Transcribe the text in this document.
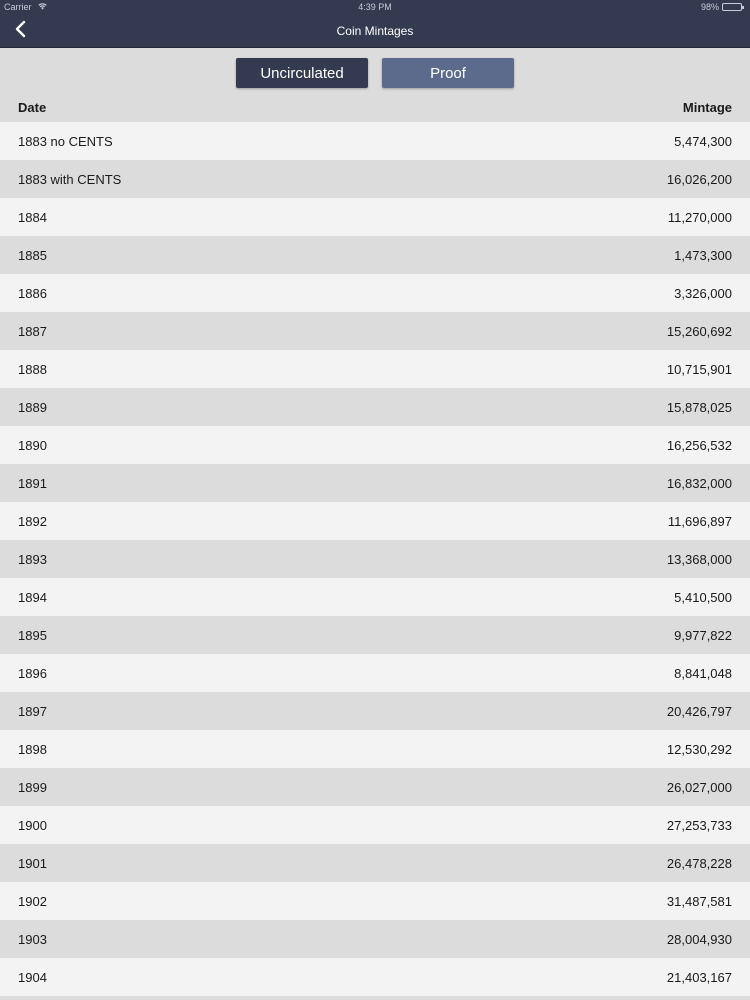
Carrier	4:39 PM	98%
Coin Mintages
Uncirculated	Proof
Date	Mintage
1883 no CENTS	5,474,300
1883 with CENTS	16,026,200
1884	11,270,000
1885	1,473,300
1886	3,326,000
1887	15,260,692
1888	10,715,901
1889	15,878,025
1890	16,256,532
1891	16,832,000
1892	11,696,897
1893	13,368,000
1894	5,410,500
1895	9,977,822
1896	8,841,048
1897	20,426,797
1898	12,530,292
1899	26,027,000
1900	27,253,733
1901	26,478,228
1902	31,487,581
1903	28,004,930
1904	21,403,167
